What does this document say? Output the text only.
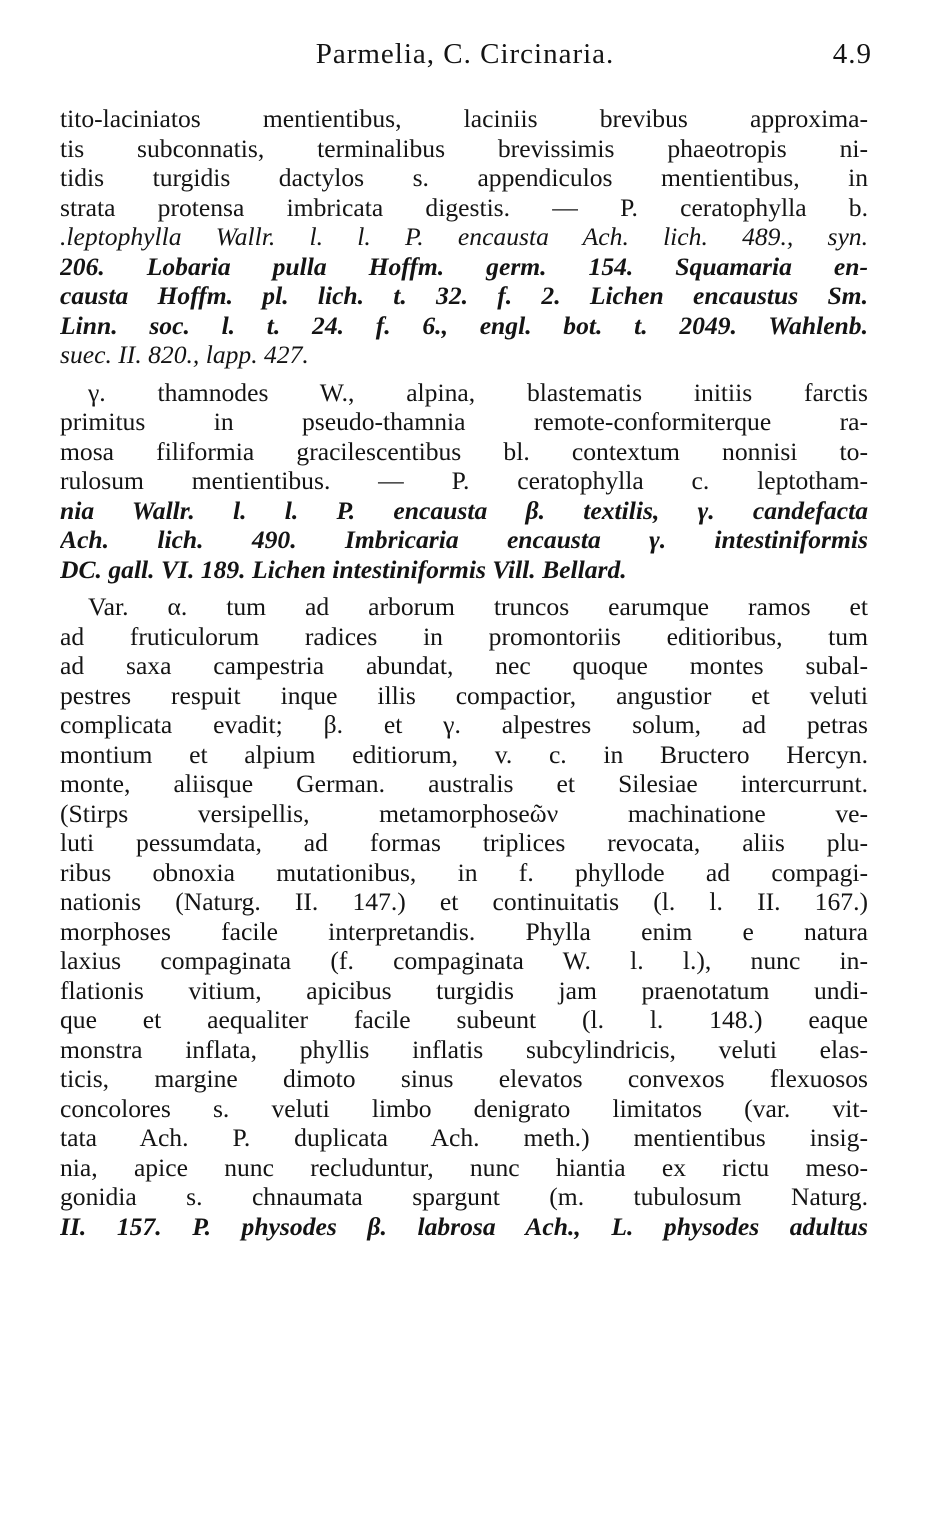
Parmelia, C. Circinaria.	4.9
tito-laciniatos mentientibus, laciniis brevibus approxima-
tis subconnatis, terminalibus brevissimis phaeotropis ni-
tidis turgidis dactylos s. appendiculos mentientibus, in
strata protensa imbricata digestis. — P. ceratophylla b.
.leptophylla Wallr. l. l. P. encausta Ach. lich. 489., syn.
206. Lobaria pulla Hoffm. germ. 154. Squamaria en-
causta Hoffm. pl. lich. t. 32. f. 2. Lichen encaustus Sm.
Linn. soc. l. t. 24. f. 6., engl. bot. t. 2049. Wahlenb.
suec. II. 820., lapp. 427.
γ. thamnodes W., alpina, blastematis initiis farctis
primitus in pseudo-thamnia remote-conformiterque ra-
mosa filiformia gracilescentibus bl. contextum nonnisi to-
rulosum mentientibus. — P. ceratophylla c. leptotham-
nia Wallr. l. l. P. encausta β. textilis, γ. candefacta
Ach. lich. 490. Imbricaria encausta γ. intestiniformis
DC. gall. VI. 189. Lichen intestiniformis Vill. Bellard.
Var. α. tum ad arborum truncos earumque ramos et
ad fruticulorum radices in promontoriis editioribus, tum
ad saxa campestria abundat, nec quoque montes subal-
pestres respuit inque illis compactior, angustior et veluti
complicata evadit; β. et γ. alpestres solum, ad petras
montium et alpium editiorum, v. c. in Bructero Hercyn.
monte, aliisque German. australis et Silesiae intercurrunt.
(Stirps versipellis, metamorphoseῶν machinatione ve-
luti pessumdata, ad formas triplices revocata, aliis plu-
ribus obnoxia mutationibus, in f. phyllode ad compagi-
nationis (Naturg. II. 147.) et continuitatis (l. l. II. 167.)
morphoses facile interpretandis. Phylla enim e natura
laxius compaginata (f. compaginata W. l. l.), nunc in-
flationis vitium, apicibus turgidis jam praenotatum undi-
que et aequaliter facile subeunt (l. l. 148.) eaque
monstra inflata, phyllis inflatis subcylindricis, veluti elas-
ticis, margine dimoto sinus elevatos convexos flexuosos
concolores s. veluti limbo denigrato limitatos (var. vit-
tata Ach. P. duplicata Ach. meth.) mentientibus insig-
nia, apice nunc recluduntur, nunc hiantia ex rictu meso-
gonidia s. chnaumata spargunt (m. tubulosum Naturg.
II. 157. P. physodes β. labrosa Ach., L. physodes adultus
